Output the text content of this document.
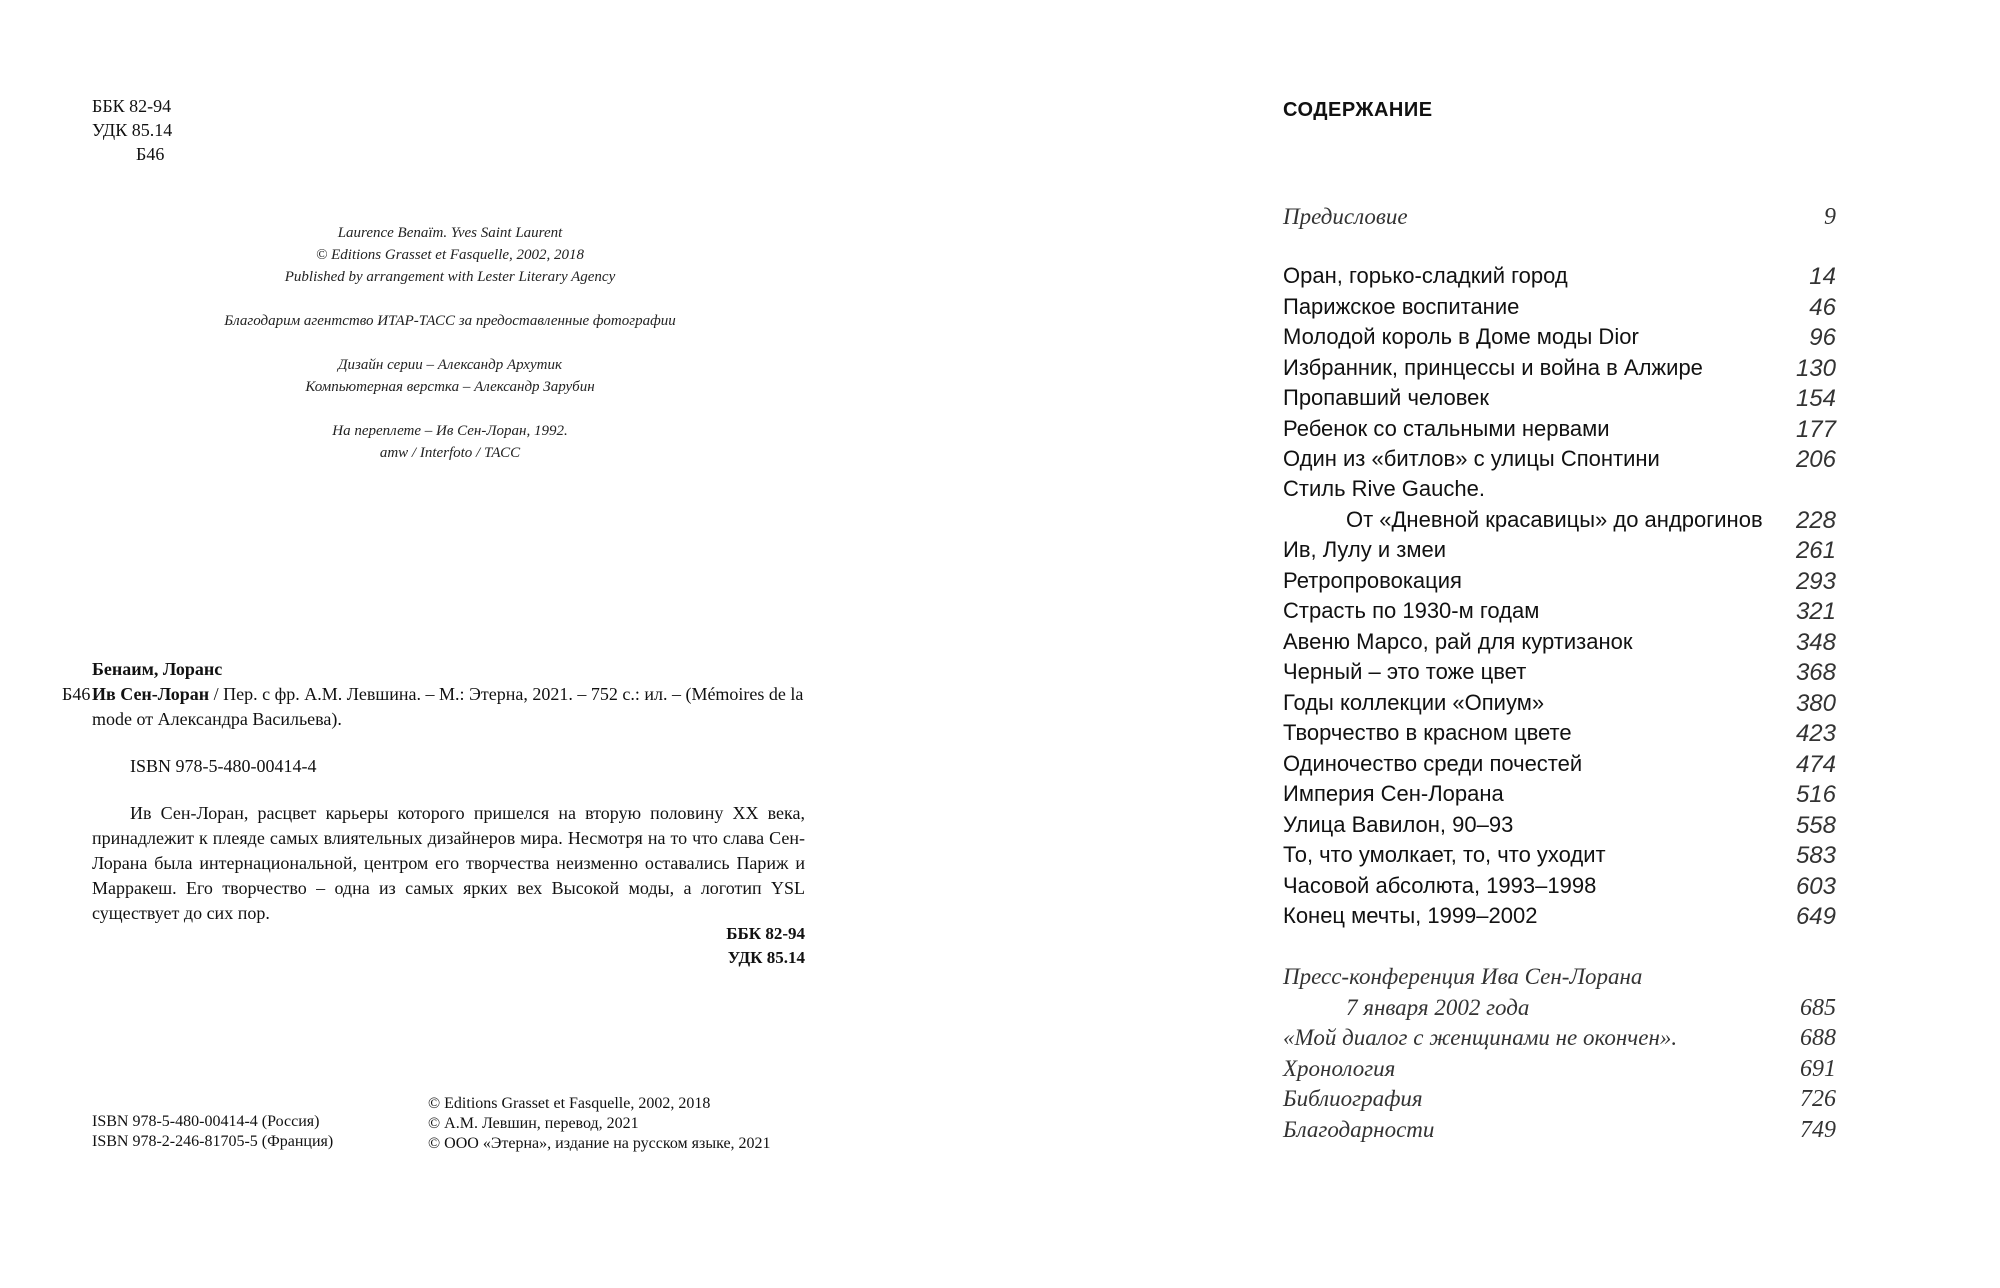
ББК 82-94
УДК 85.14
Б46
Laurence Benaïm. Yves Saint Laurent
© Editions Grasset et Fasquelle, 2002, 2018
Published by arrangement with Lester Literary Agency
Благодарим агентство ИТАР-ТАСС за предоставленные фотографии
Дизайн серии – Александр Архутик
Компьютерная верстка – Александр Зарубин
На переплете – Ив Сен-Лоран, 1992.
amw / Interfoto / ТАСС
Бенаим, Лоранс
Б46 Ив Сен-Лоран / Пер. с фр. А.М. Левшина. – М.: Этерна, 2021. – 752 с.: ил. – (Mémoires de la mode от Александра Васильева).
ISBN 978-5-480-00414-4
Ив Сен-Лоран, расцвет карьеры которого пришелся на вторую половину XX века, принадлежит к плеяде самых влиятельных дизайнеров мира. Несмотря на то что слава Сен-Лорана была интернациональной, центром его творчества неизменно оставались Париж и Марракеш. Его творчество – одна из самых ярких вех Высокой моды, а логотип YSL существует до сих пор.
ББК 82-94
УДК 85.14
ISBN 978-5-480-00414-4 (Россия)
ISBN 978-2-246-81705-5 (Франция)
© Editions Grasset et Fasquelle, 2002, 2018
© А.М. Левшин, перевод, 2021
© ООО «Этерна», издание на русском языке, 2021
СОДЕРЖАНИЕ
Предисловие	9
Оран, горько-сладкий город	14
Парижское воспитание	46
Молодой король в Доме моды Dior	96
Избранник, принцессы и война в Алжире	130
Пропавший человек	154
Ребенок со стальными нервами	177
Один из «битлов» с улицы Спонтини	206
Стиль Rive Gauche.
От «Дневной красавицы» до андрогинов 228
Ив, Лулу и змеи	261
Ретропровокация	293
Страсть по 1930-м годам	321
Авеню Марсо, рай для куртизанок	348
Черный – это тоже цвет	368
Годы коллекции «Опиум»	380
Творчество в красном цвете	423
Одиночество среди почестей	474
Империя Сен-Лорана	516
Улица Вавилон, 90–93	558
То, что умолкает, то, что уходит	583
Часовой абсолюта, 1993–1998	603
Конец мечты, 1999–2002	649
Пресс-конференция Ива Сен-Лорана
7 января 2002 года	685
«Мой диалог с женщинами не окончен».	688
Хронология	691
Библиография	726
Благодарности	749
